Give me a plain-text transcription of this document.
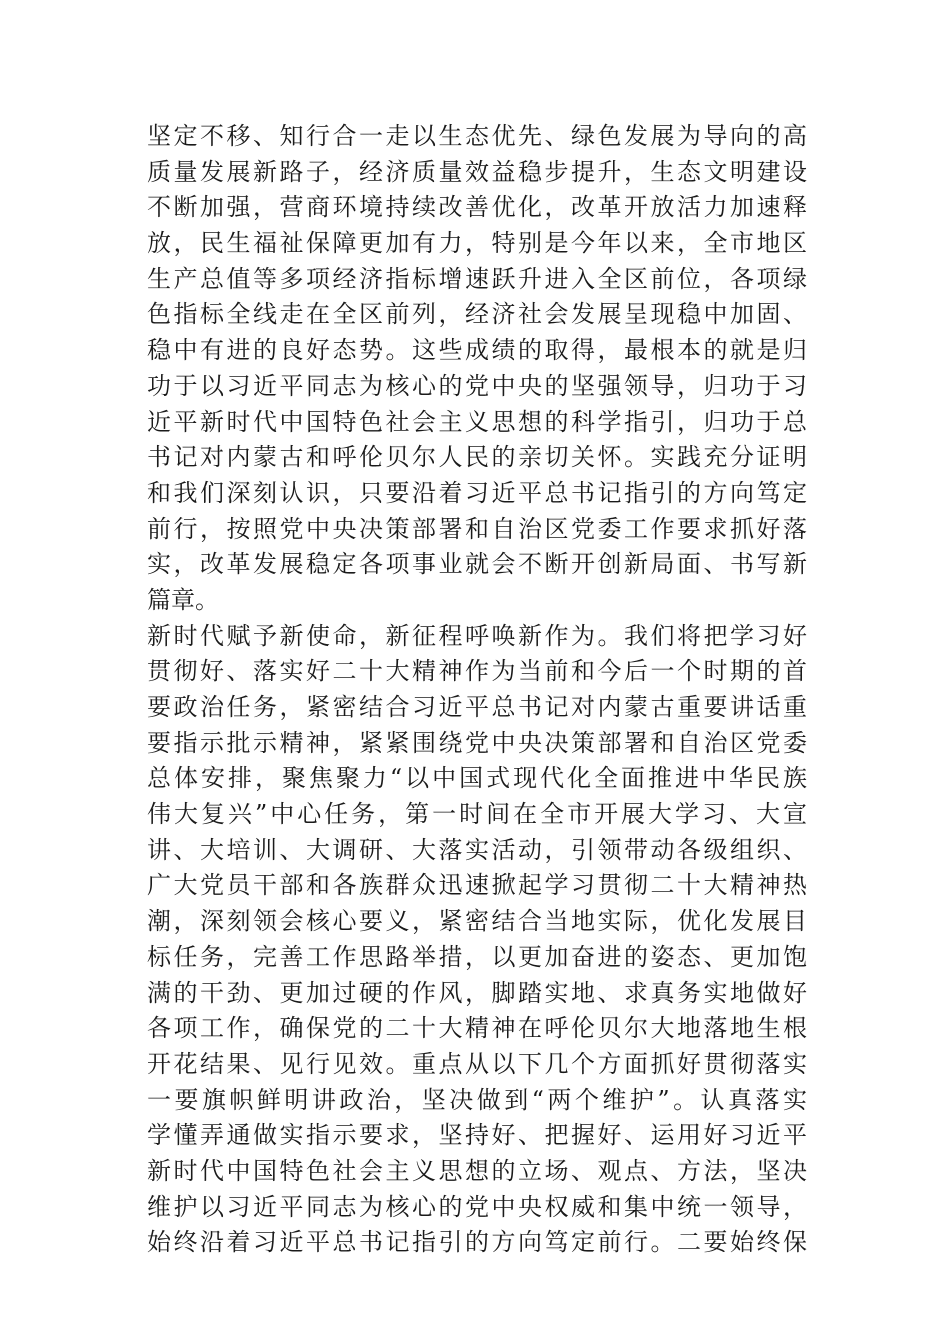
坚定不移、知行合一走以生态优先、绿色发展为导向的高
质量发展新路子，经济质量效益稳步提升，生态文明建设
不断加强，营商环境持续改善优化，改革开放活力加速释
放，民生福祉保障更加有力，特别是今年以来，全市地区
生产总值等多项经济指标增速跃升进入全区前位，各项绿
色指标全线走在全区前列，经济社会发展呈现稳中加固、
稳中有进的良好态势。这些成绩的取得，最根本的就是归
功于以习近平同志为核心的党中央的坚强领导，归功于习
近平新时代中国特色社会主义思想的科学指引，归功于总
书记对内蒙古和呼伦贝尔人民的亲切关怀。实践充分证明
和我们深刻认识，只要沿着习近平总书记指引的方向笃定
前行，按照党中央决策部署和自治区党委工作要求抓好落
实，改革发展稳定各项事业就会不断开创新局面、书写新
篇章。
新时代赋予新使命，新征程呼唤新作为。我们将把学习好
贯彻好、落实好二十大精神作为当前和今后一个时期的首
要政治任务，紧密结合习近平总书记对内蒙古重要讲话重
要指示批示精神，紧紧围绕党中央决策部署和自治区党委
总体安排，聚焦聚力“以中国式现代化全面推进中华民族
伟大复兴”中心任务，第一时间在全市开展大学习、大宣
讲、大培训、大调研、大落实活动，引领带动各级组织、
广大党员干部和各族群众迅速掀起学习贯彻二十大精神热
潮，深刻领会核心要义，紧密结合当地实际，优化发展目
标任务，完善工作思路举措，以更加奋进的姿态、更加饱
满的干劲、更加过硬的作风，脚踏实地、求真务实地做好
各项工作，确保党的二十大精神在呼伦贝尔大地落地生根
开花结果、见行见效。重点从以下几个方面抓好贯彻落实
一要旗帜鲜明讲政治，坚决做到“两个维护”。认真落实
学懂弄通做实指示要求，坚持好、把握好、运用好习近平
新时代中国特色社会主义思想的立场、观点、方法，坚决
维护以习近平同志为核心的党中央权威和集中统一领导，
始终沿着习近平总书记指引的方向笃定前行。二要始终保
